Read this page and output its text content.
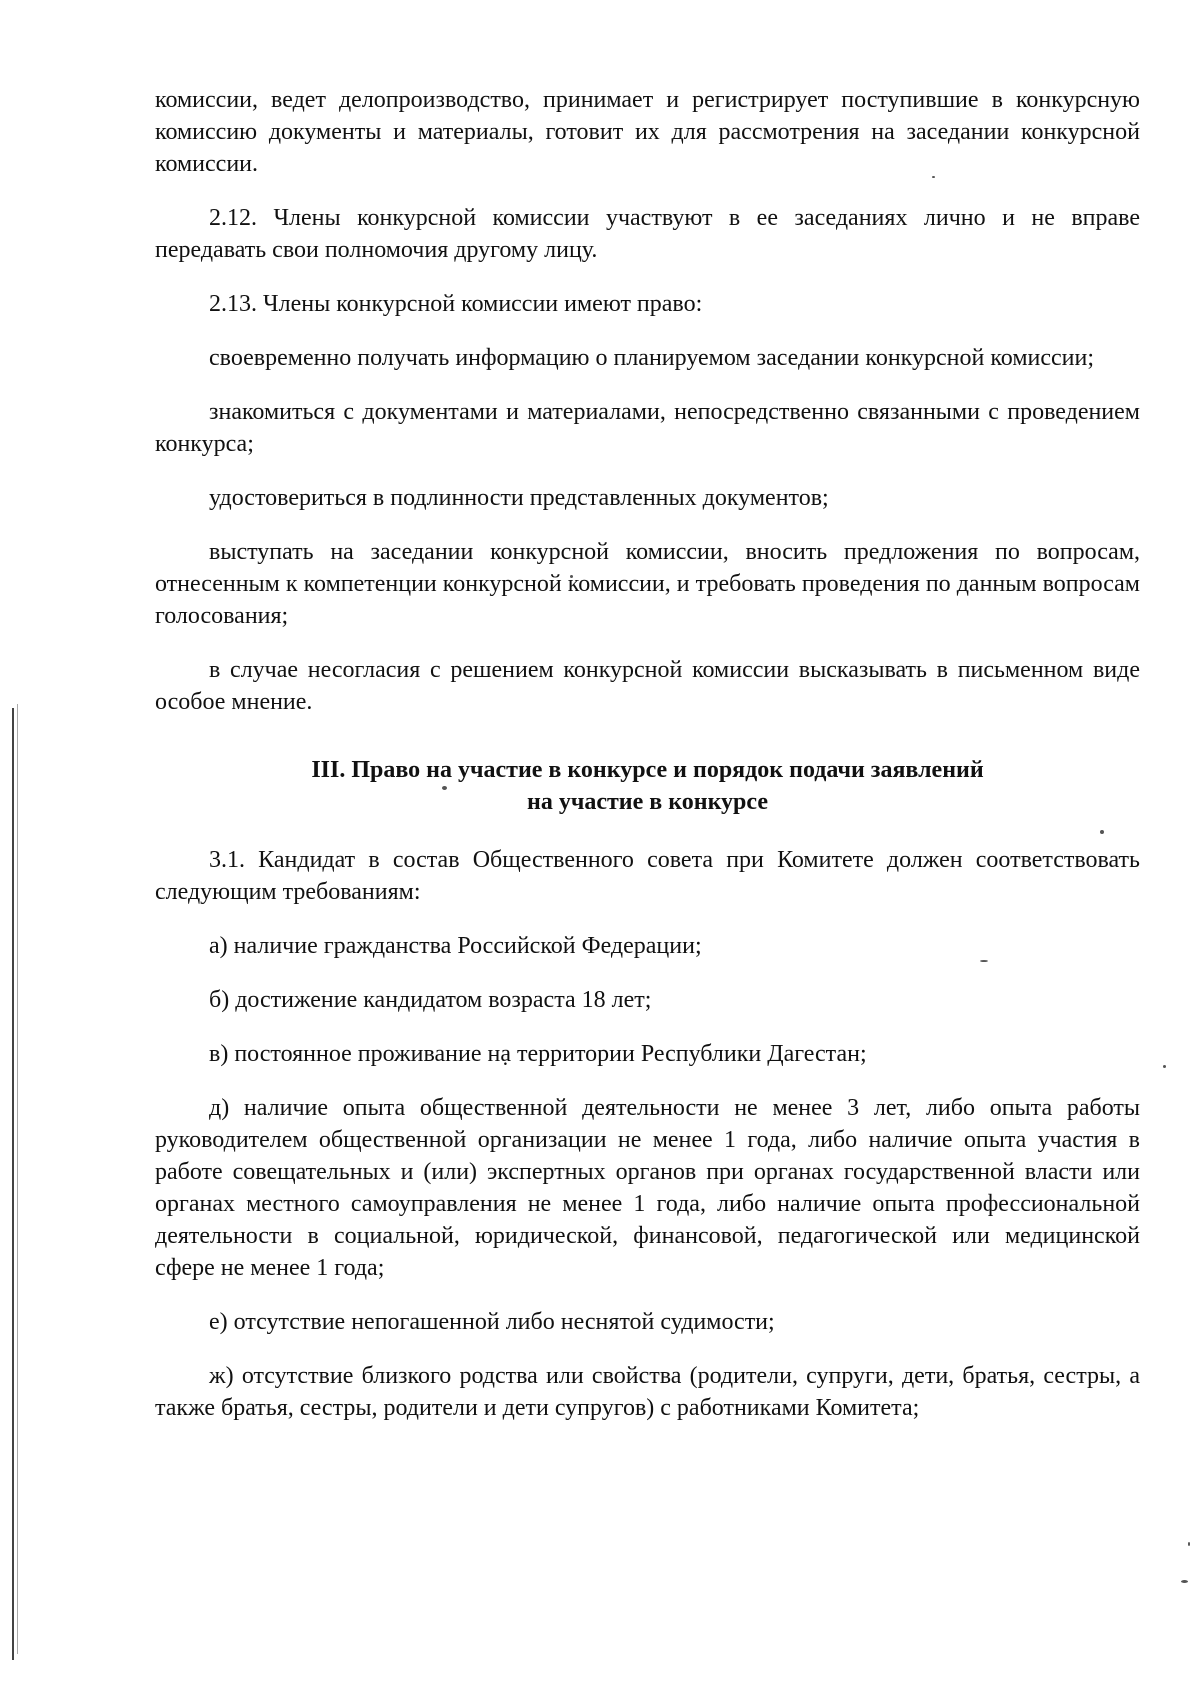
комиссии, ведет делопроизводство, принимает и регистрирует поступившие в конкурсную комиссию документы и материалы, готовит их для рассмотрения на заседании конкурсной комиссии.

2.12. Члены конкурсной комиссии участвуют в ее заседаниях лично и не вправе передавать свои полномочия другому лицу.

2.13. Члены конкурсной комиссии имеют право:

своевременно получать информацию о планируемом заседании конкурсной комиссии;

знакомиться с документами и материалами, непосредственно связанными с проведением конкурса;

удостовериться в подлинности представленных документов;

выступать на заседании конкурсной комиссии, вносить предложения по вопросам, отнесенным к компетенции конкурсной комиссии, и требовать проведения по данным вопросам голосования;

в случае несогласия с решением конкурсной комиссии высказывать в письменном виде особое мнение.

III. Право на участие в конкурсе и порядок подачи заявлений
на участие в конкурсе

3.1. Кандидат в состав Общественного совета при Комитете должен соответствовать следующим требованиям:

а) наличие гражданства Российской Федерации;

б) достижение кандидатом возраста 18 лет;

в) постоянное проживание нạ территории Республики Дагестан;

д) наличие опыта общественной деятельности не менее 3 лет, либо опыта работы руководителем общественной организации не менее 1 года, либо наличие опыта участия в работе совещательных и (или) экспертных органов при органах государственной власти или органах местного самоуправления не менее 1 года, либо наличие опыта профессиональной деятельности в социальной, юридической, финансовой, педагогической или медицинской сфере не менее 1 года;

е) отсутствие непогашенной либо неснятой судимости;

ж) отсутствие близкого родства или свойства (родители, супруги, дети, братья, сестры, а также братья, сестры, родители и дети супругов) с работниками Комитета;
